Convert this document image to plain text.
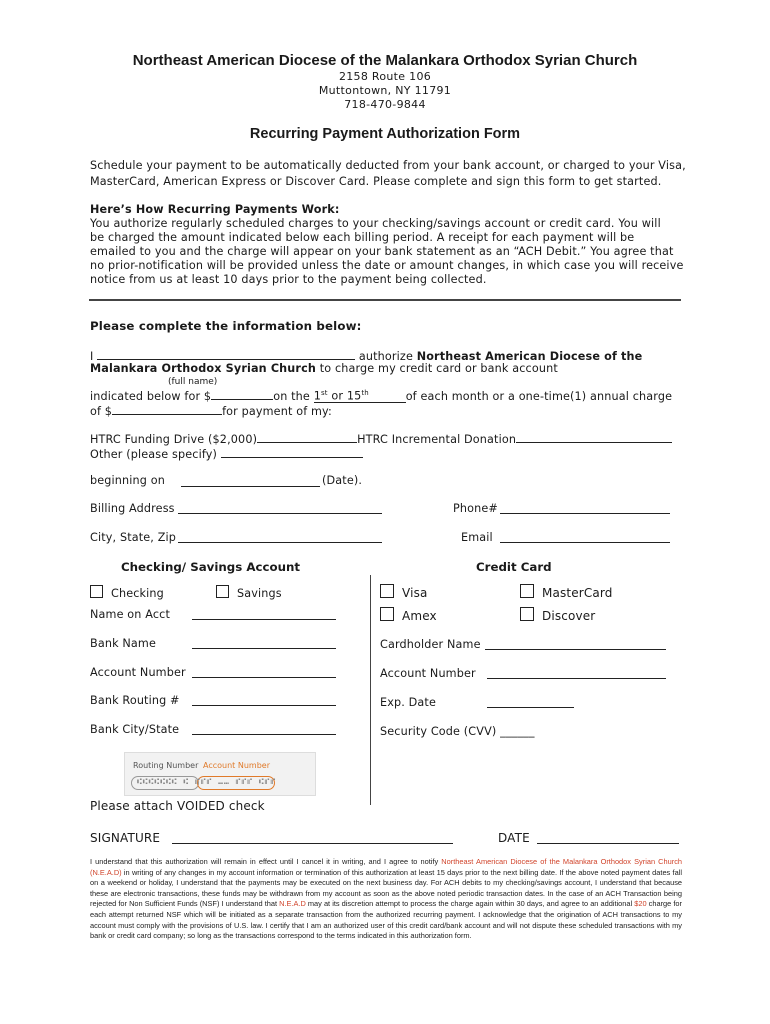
Northeast American Diocese of the Malankara Orthodox Syrian Church
2158 Route 106
Muttontown, NY 11791
718-470-9844
Recurring Payment Authorization Form
Schedule your payment to be automatically deducted from your bank account, or charged to your Visa,
MasterCard, American Express or Discover Card. Please complete and sign this form to get started.
Here’s How Recurring Payments Work:
You authorize regularly scheduled charges to your checking/savings account or credit card. You will
be charged the amount indicated below each billing period. A receipt for each payment will be
emailed to you and the charge will appear on your bank statement as an “ACH Debit.” You agree that
no prior-notification will be provided unless the date or amount changes, in which case you will receive
notice from us at least 10 days prior to the payment being collected.
Please complete the information below:
I	authorize Northeast American Diocese of the
Malankara Orthodox Syrian Church to charge my credit card or bank account
(full name)
indicated below for $	on the 1st or 15th	of each month or a one-time(1) annual charge
of $	for payment of my:
HTRC Funding Drive ($2,000)	HTRC Incremental Donation
Other (please specify)
beginning on	(Date).
Billing Address	Phone#
City, State, Zip	Email
Checking/ Savings Account
Checking	Savings
Name on Acct
Bank Name
Account Number
Bank Routing #
Bank City/State
Routing Number Account Number
⑆⑆⑆⑆⑆⑆⑆ ⑆ ⑈⑈⑈ ⑉⑉ ⑈⑈⑈ ⑆⑈⑈
Please attach VOIDED check
Credit Card
Visa	MasterCard
Amex	Discover
Cardholder Name
Account Number
Exp. Date
Security Code (CVV) ______
SIGNATURE	DATE
I understand that this authorization will remain in effect until I cancel it in writing, and I agree to notify Northeast American Diocese of the Malankara Orthodox Syrian Church (N.E.A.D) in writing of any changes in my account information or termination of this authorization at least 15 days prior to the next billing date. If the above noted payment dates fall on a weekend or holiday, I understand that the payments may be executed on the next business day. For ACH debits to my checking/savings account, I understand that because these are electronic transactions, these funds may be withdrawn from my account as soon as the above noted periodic transaction dates. In the case of an ACH Transaction being rejected for Non Sufficient Funds (NSF) I understand that N.E.A.D may at its discretion attempt to process the charge again within 30 days, and agree to an additional $20 charge for each attempt returned NSF which will be initiated as a separate transaction from the authorized recurring payment. I acknowledge that the origination of ACH transactions to my account must comply with the provisions of U.S. law. I certify that I am an authorized user of this credit card/bank account and will not dispute these scheduled transactions with my bank or credit card company; so long as the transactions correspond to the terms indicated in this authorization form.
